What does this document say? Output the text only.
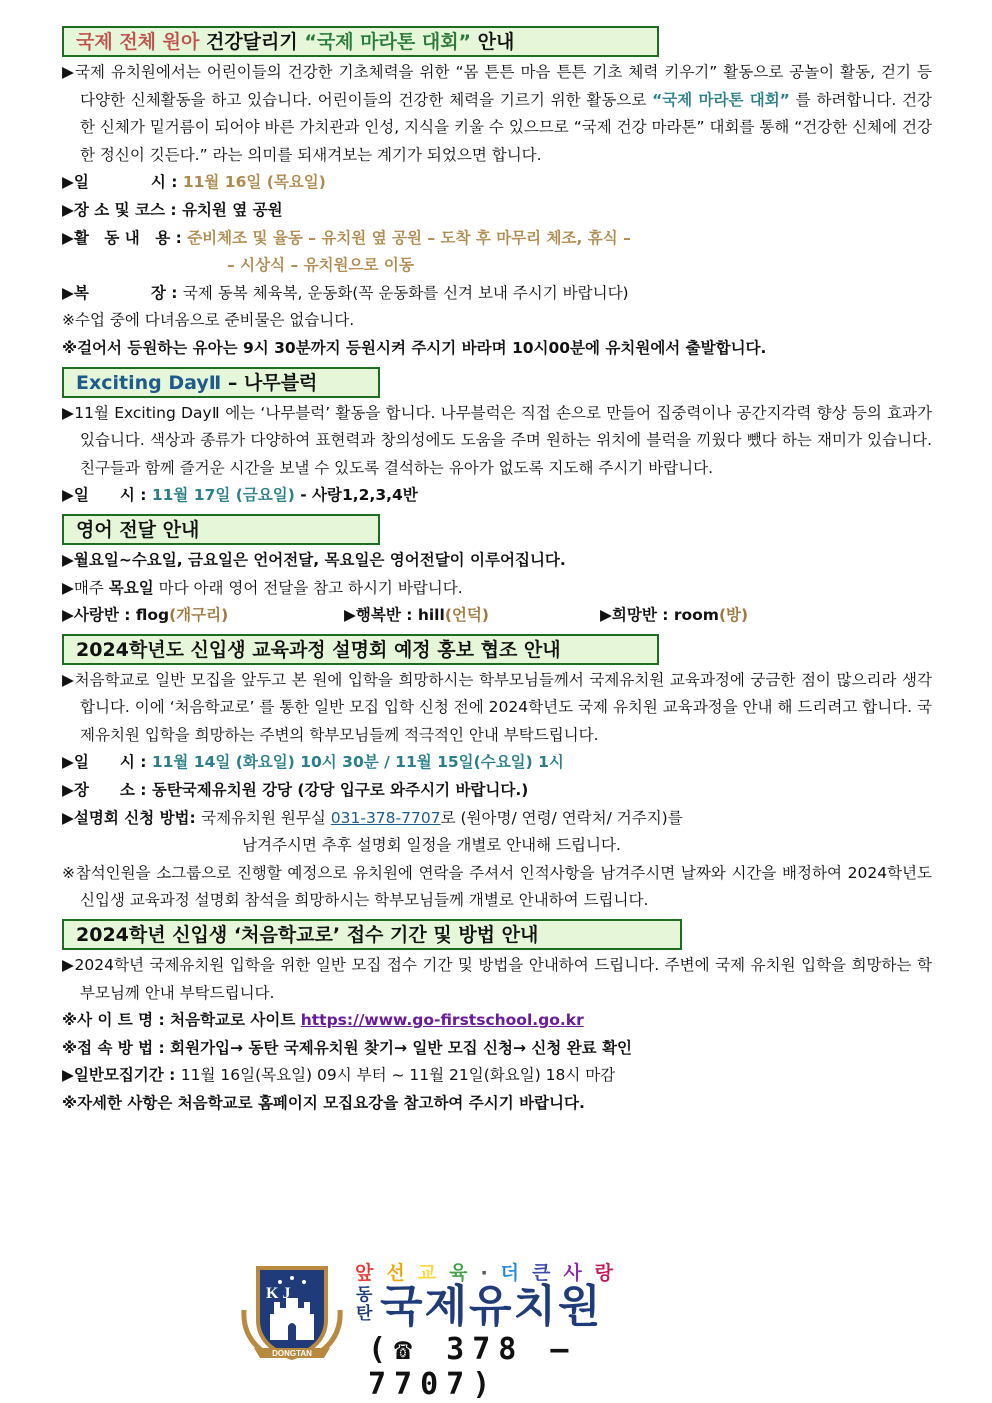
국제 전체 원아 건강달리기 “국제 마라톤 대회” 안내

▶국제 유치원에서는 어린이들의 건강한 기초체력을 위한 “몸 튼튼 마음 튼튼 기초 체력 키우기” 활동으로 공놀이 활동, 걷기 등 다양한 신체활동을 하고 있습니다. 어린이들의 건강한 체력을 기르기 위한 활동으로 “국제 마라톤 대회” 를 하려합니다. 건강한 신체가 밑거름이 되어야 바른 가치관과 인성, 지식을 키울 수 있으므로 “국제 건강 마라톤” 대회를 통해 “건강한 신체에 건강한 정신이 깃든다.” 라는 의미를 되새겨보는 계기가 되었으면 합니다.

▶일　　　　시 : 11월 16일 (목요일)
▶장 소 및 코스 : 유치원 옆 공원
▶활　동 내　용 : 준비체조 및 율동 – 유치원 옆 공원 – 도착 후 마무리 체조, 휴식 –
– 시상식 – 유치원으로 이동
▶복　　　　장 : 국제 동복 체육복, 운동화(꼭 운동화를 신겨 보내 주시기 바랍니다)
※수업 중에 다녀옴으로 준비물은 없습니다.
※걸어서 등원하는 유아는 9시 30분까지 등원시켜 주시기 바라며 10시00분에 유치원에서 출발합니다.
Exciting DayⅡ – 나무블럭

▶11월 Exciting DayⅡ 에는 ‘나무블럭’ 활동을 합니다. 나무블럭은 직접 손으로 만들어 집중력이나 공간지각력 향상 등의 효과가 있습니다. 색상과 종류가 다양하여 표현력과 창의성에도 도움을 주며 원하는 위치에 블럭을 끼웠다 뺐다 하는 재미가 있습니다. 친구들과 함께 즐거운 시간을 보낼 수 있도록 결석하는 유아가 없도록 지도해 주시기 바랍니다.

▶일　　시 : 11월 17일 (금요일) - 사랑1,2,3,4반
영어 전달 안내
▶월요일~수요일, 금요일은 언어전달, 목요일은 영어전달이 이루어집니다.
▶매주 목요일 마다 아래 영어 전달을 참고 하시기 바랍니다.
▶사랑반 : flog(개구리)	▶행복반 : hill(언덕)	▶희망반 : room(방)
2024학년도 신입생 교육과정 설명회 예정 홍보 협조 안내

▶처음학교로 일반 모집을 앞두고 본 원에 입학을 희망하시는 학부모님들께서 국제유치원 교육과정에 궁금한 점이 많으리라 생각합니다. 이에 ‘처음학교로’ 를 통한 일반 모집 입학 신청 전에 2024학년도 국제 유치원 교육과정을 안내 해 드리려고 합니다. 국제유치원 입학을 희망하는 주변의 학부모님들께 적극적인 안내 부탁드립니다.

▶일　　시 : 11월 14일 (화요일) 10시 30분 / 11월 15일(수요일) 1시
▶장　　소 : 동탄국제유치원 강당 (강당 입구로 와주시기 바랍니다.)
▶설명회 신청 방법: 국제유치원 원무실 031-378-7707로 (원아명/ 연령/ 연락처/ 거주지)를
남겨주시면 추후 설명회 일정을 개별로 안내해 드립니다.

※참석인원을 소그룹으로 진행할 예정으로 유치원에 연락을 주셔서 인적사항을 남겨주시면 날짜와 시간을 배정하여 2024학년도 신입생 교육과정 설명회 참석을 희망하시는 학부모님들께 개별로 안내하여 드립니다.

2024학년 신입생 ‘처음학교로’ 접수 기간 및 방법 안내

▶2024학년 국제유치원 입학을 위한 일반 모집 접수 기간 및 방법을 안내하여 드립니다. 주변에 국제 유치원 입학을 희망하는 학부모님께 안내 부탁드립니다.

※사 이 트 명 : 처음학교로 사이트 https://www.go-firstschool.go.kr
※접 속 방 법 : 회원가입→ 동탄 국제유치원 찾기→ 일반 모집 신청→ 신청 완료 확인
▶일반모집기간 : 11월 16일(목요일) 09시 부터 ~ 11월 21일(화요일) 18시 마감
※자세한 사항은 처음학교로 홈페이지 모집요강을 참고하여 주시기 바랍니다.
K J
DONGTAN
앞 선 교 육 · 더 큰 사 랑
동탄 국제유치원
(☎ 378 – 7707)
